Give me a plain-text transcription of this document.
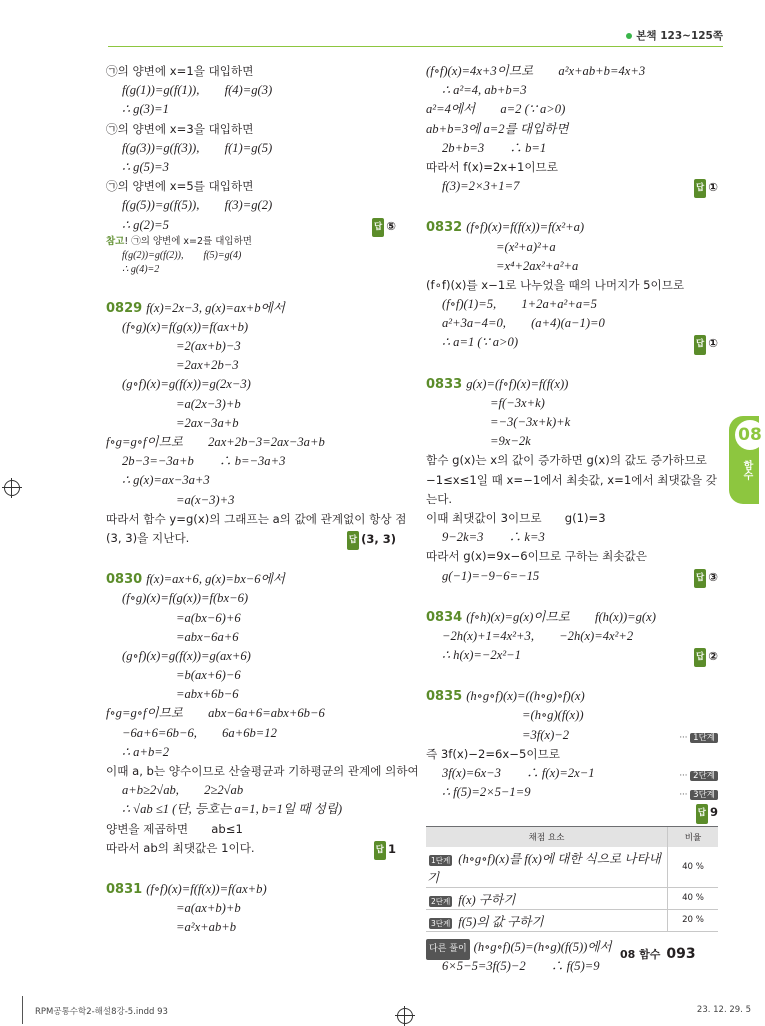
본책 123~125쪽
㉠의 양변에 x=1을 대입하면
f(g(1))=g(f(1)),　　f(4)=g(3)
∴ g(3)=1
㉠의 양변에 x=3을 대입하면
f(g(3))=g(f(3)),　　f(1)=g(5)
∴ g(5)=3
㉠의 양변에 x=5를 대입하면
f(g(5))=g(f(5)),　　f(3)=g(2)
∴ g(2)=5	답 ⑤
참고! ㉠의 양변에 x=2를 대입하면
f(g(2))=g(f(2)),　　f(5)=g(4)
∴ g(4)=2
0829 f(x)=2x−3, g(x)=ax+b에서
(f∘g)(x)=f(g(x))=f(ax+b)
=2(ax+b)−3
=2ax+2b−3
(g∘f)(x)=g(f(x))=g(2x−3)
=a(2x−3)+b
=2ax−3a+b
f∘g=g∘f이므로　　2ax+2b−3=2ax−3a+b
2b−3=−3a+b　　∴ b=−3a+3
∴ g(x)=ax−3a+3
=a(x−3)+3
따라서 함수 y=g(x)의 그래프는 a의 값에 관계없이 항상 점
(3, 3)을 지난다.	답 (3, 3)
0830 f(x)=ax+6, g(x)=bx−6에서
(f∘g)(x)=f(g(x))=f(bx−6)
=a(bx−6)+6
=abx−6a+6
(g∘f)(x)=g(f(x))=g(ax+6)
=b(ax+6)−6
=abx+6b−6
f∘g=g∘f이므로　　abx−6a+6=abx+6b−6
−6a+6=6b−6,　　6a+6b=12
∴ a+b=2
이때 a, b는 양수이므로 산술평균과 기하평균의 관계에 의하여
a+b≥2√ab,　　2≥2√ab
∴ √ab ≤1 (단, 등호는 a=1, b=1일 때 성립)
양변을 제곱하면　　ab≤1
따라서 ab의 최댓값은 1이다.	답 1
0831 (f∘f)(x)=f(f(x))=f(ax+b)
=a(ax+b)+b
=a²x+ab+b
(f∘f)(x)=4x+3이므로　　a²x+ab+b=4x+3
∴ a²=4, ab+b=3
a²=4에서　　a=2 (∵ a>0)
ab+b=3에 a=2를 대입하면
2b+b=3　　∴ b=1
따라서 f(x)=2x+1이므로
f(3)=2×3+1=7	답 ①
0832 (f∘f)(x)=f(f(x))=f(x²+a)
=(x²+a)²+a
=x⁴+2ax²+a²+a
(f∘f)(x)를 x−1로 나누었을 때의 나머지가 5이므로
(f∘f)(1)=5,　　1+2a+a²+a=5
a²+3a−4=0,　　(a+4)(a−1)=0
∴ a=1 (∵ a>0)	답 ①
0833 g(x)=(f∘f)(x)=f(f(x))
=f(−3x+k)
=−3(−3x+k)+k
=9x−2k
함수 g(x)는 x의 값이 증가하면 g(x)의 값도 증가하므로
−1≤x≤1일 때 x=−1에서 최솟값, x=1에서 최댓값을 갖
는다.
이때 최댓값이 3이므로　　g(1)=3
9−2k=3　　∴ k=3
따라서 g(x)=9x−6이므로 구하는 최솟값은
g(−1)=−9−6=−15	답 ③
0834 (f∘h)(x)=g(x)이므로　　f(h(x))=g(x)
−2h(x)+1=4x²+3,　　−2h(x)=4x²+2
∴ h(x)=−2x²−1	답 ②
0835 (h∘g∘f)(x)=((h∘g)∘f)(x)
=(h∘g)(f(x))
=3f(x)−2	··· 1단계
즉 3f(x)−2=6x−5이므로
3f(x)=6x−3　　∴ f(x)=2x−1	··· 2단계
∴ f(5)=2×5−1=9	··· 3단계
답 9
채점 요소	비율
1단계 (h∘g∘f)(x)를 f(x)에 대한 식으로 나타내기	40 %
2단계 f(x) 구하기	40 %
3단계 f(5)의 값 구하기	20 %
다른 풀이 (h∘g∘f)(5)=(h∘g)(f(5))에서
6×5−5=3f(5)−2　　∴ f(5)=9
08
함수
08 함수 093
RPM공통수학2-해설8강-5.indd 93	23. 12. 29. 5
